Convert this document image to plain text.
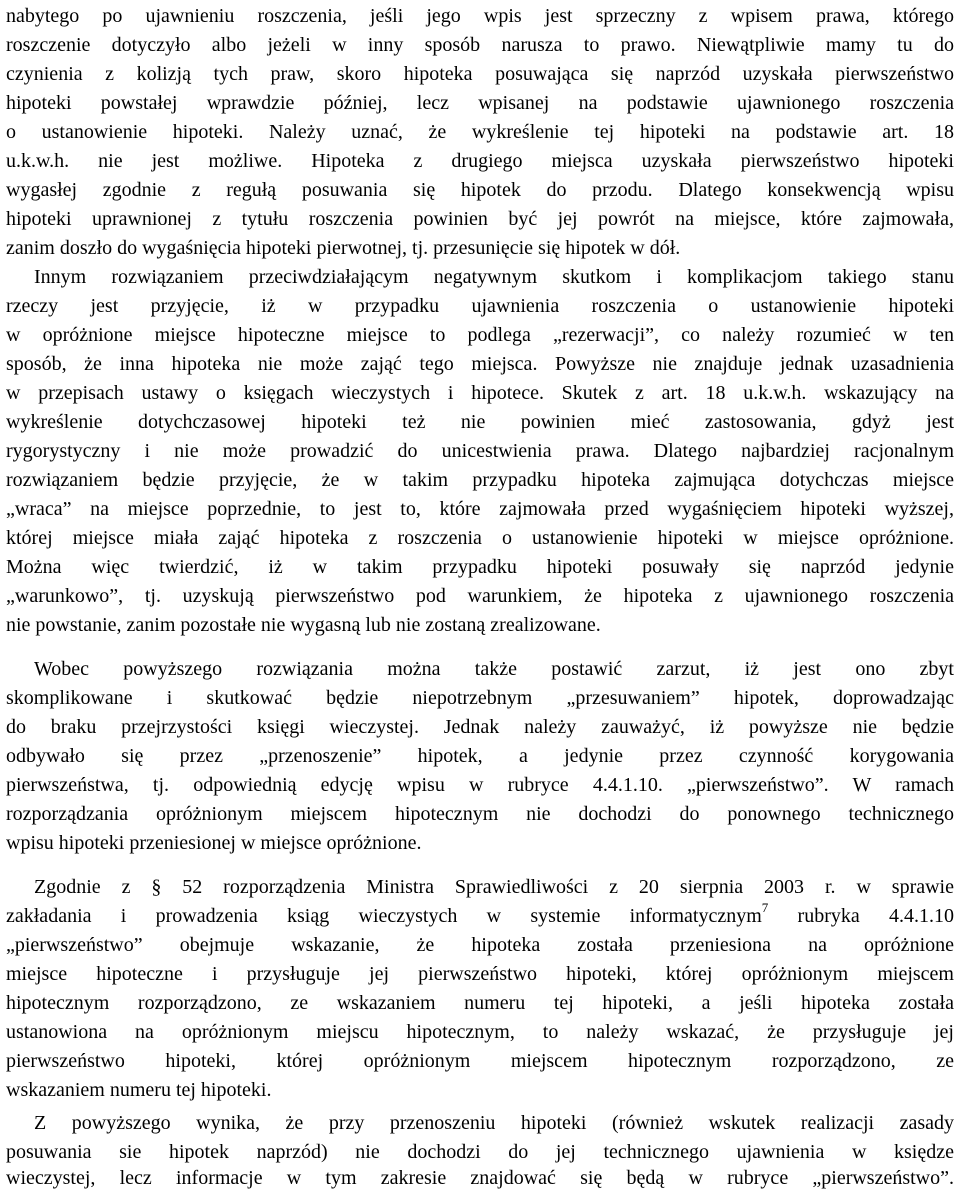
nabytego po ujawnieniu roszczenia, jeśli jego wpis jest sprzeczny z wpisem prawa, którego
roszczenie dotyczyło albo jeżeli w inny sposób narusza to prawo. Niewątpliwie mamy tu do
czynienia z kolizją tych praw, skoro hipoteka posuwająca się naprzód uzyskała pierwszeństwo
hipoteki powstałej wprawdzie później, lecz wpisanej na podstawie ujawnionego roszczenia
o ustanowienie hipoteki. Należy uznać, że wykreślenie tej hipoteki na podstawie art. 18
u.k.w.h. nie jest możliwe. Hipoteka z drugiego miejsca uzyskała pierwszeństwo hipoteki
wygasłej zgodnie z regułą posuwania się hipotek do przodu. Dlatego konsekwencją wpisu
hipoteki uprawnionej z tytułu roszczenia powinien być jej powrót na miejsce, które zajmowała,
zanim doszło do wygaśnięcia hipoteki pierwotnej, tj. przesunięcie się hipotek w dół.
Innym rozwiązaniem przeciwdziałającym negatywnym skutkom i komplikacjom takiego stanu
rzeczy jest przyjęcie, iż w przypadku ujawnienia roszczenia o ustanowienie hipoteki
w opróżnione miejsce hipoteczne miejsce to podlega „rezerwacji”, co należy rozumieć w ten
sposób, że inna hipoteka nie może zająć tego miejsca. Powyższe nie znajduje jednak uzasadnienia
w przepisach ustawy o księgach wieczystych i hipotece. Skutek z art. 18 u.k.w.h. wskazujący na
wykreślenie dotychczasowej hipoteki też nie powinien mieć zastosowania, gdyż jest
rygorystyczny i nie może prowadzić do unicestwienia prawa. Dlatego najbardziej racjonalnym
rozwiązaniem będzie przyjęcie, że w takim przypadku hipoteka zajmująca dotychczas miejsce
„wraca” na miejsce poprzednie, to jest to, które zajmowała przed wygaśnięciem hipoteki wyższej,
której miejsce miała zająć hipoteka z roszczenia o ustanowienie hipoteki w miejsce opróżnione.
Można więc twierdzić, iż w takim przypadku hipoteki posuwały się naprzód jedynie
„warunkowo”, tj. uzyskują pierwszeństwo pod warunkiem, że hipoteka z ujawnionego roszczenia
nie powstanie, zanim pozostałe nie wygasną lub nie zostaną zrealizowane.
Wobec powyższego rozwiązania można także postawić zarzut, iż jest ono zbyt
skomplikowane i skutkować będzie niepotrzebnym „przesuwaniem” hipotek, doprowadzając
do braku przejrzystości księgi wieczystej. Jednak należy zauważyć, iż powyższe nie będzie
odbywało się przez „przenoszenie” hipotek, a jedynie przez czynność korygowania
pierwszeństwa, tj. odpowiednią edycję wpisu w rubryce 4.4.1.10. „pierwszeństwo”. W ramach
rozporządzania opróżnionym miejscem hipotecznym nie dochodzi do ponownego technicznego
wpisu hipoteki przeniesionej w miejsce opróżnione.
Zgodnie z § 52 rozporządzenia Ministra Sprawiedliwości z 20 sierpnia 2003 r. w sprawie
zakładania i prowadzenia ksiąg wieczystych w systemie informatycznym$^7$ rubryka 4.4.1.10
„pierwszeństwo” obejmuje wskazanie, że hipoteka została przeniesiona na opróżnione
miejsce hipoteczne i przysługuje jej pierwszeństwo hipoteki, której opróżnionym miejscem
hipotecznym rozporządzono, ze wskazaniem numeru tej hipoteki, a jeśli hipoteka została
ustanowiona na opróżnionym miejscu hipotecznym, to należy wskazać, że przysługuje jej
pierwszeństwo hipoteki, której opróżnionym miejscem hipotecznym rozporządzono, ze
wskazaniem numeru tej hipoteki.
Z powyższego wynika, że przy przenoszeniu hipoteki (również wskutek realizacji zasady
posuwania sie hipotek naprzód) nie dochodzi do jej technicznego ujawnienia w księdze
wieczystej, lecz informacje w tym zakresie znajdować się będą w rubryce „pierwszeństwo”.
